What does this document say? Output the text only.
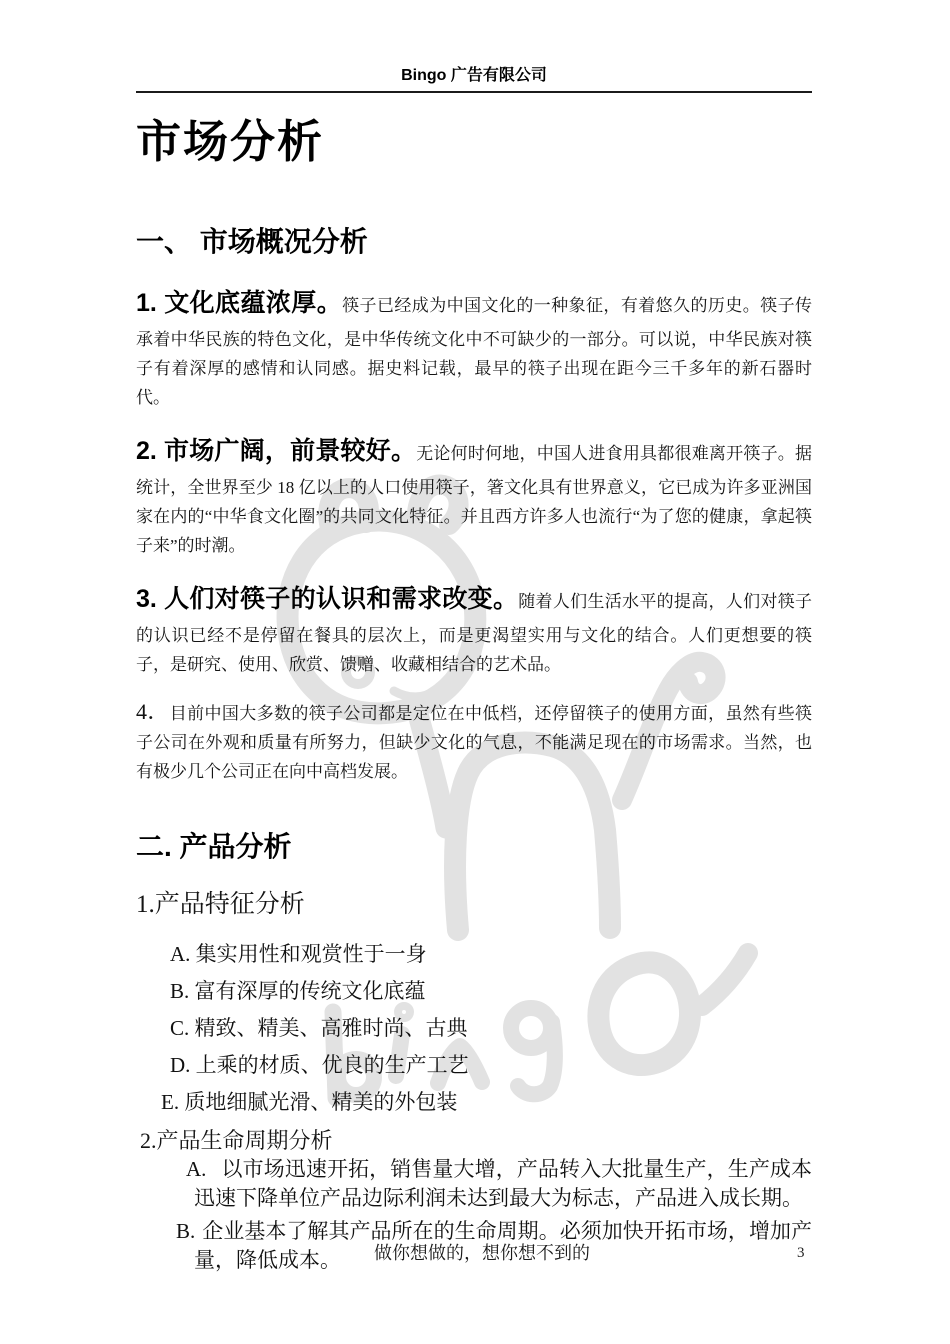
Bingo 广告有限公司
市场分析
一、 市场概况分析

1. 文化底蕴浓厚。筷子已经成为中国文化的一种象征，有着悠久的历史。筷子传承着中华民族的特色文化，是中华传统文化中不可缺少的一部分。可以说，中华民族对筷子有着深厚的感情和认同感。据史料记载，最早的筷子出现在距今三千多年的新石器时代。

2. 市场广阔，前景较好。无论何时何地，中国人进食用具都很难离开筷子。据统计，全世界至少 18 亿以上的人口使用筷子，箸文化具有世界意义，它已成为许多亚洲国家在内的“中华食文化圈”的共同文化特征。并且西方许多人也流行“为了您的健康，拿起筷子来”的时潮。

3. 人们对筷子的认识和需求改变。随着人们生活水平的提高，人们对筷子的认识已经不是停留在餐具的层次上，而是更渴望实用与文化的结合。人们更想要的筷子，是研究、使用、欣赏、馈赠、收藏相结合的艺术品。

4．目前中国大多数的筷子公司都是定位在中低档，还停留筷子的使用方面，虽然有些筷子公司在外观和质量有所努力，但缺少文化的气息，不能满足现在的市场需求。当然，也有极少几个公司正在向中高档发展。

二. 产品分析
1.产品特征分析
A. 集实用性和观赏性于一身
B. 富有深厚的传统文化底蕴
C. 精致、精美、高雅时尚、古典
D. 上乘的材质、优良的生产工艺
E. 质地细腻光滑、精美的外包装
2.产品生命周期分析
A. 以市场迅速开拓，销售量大增，产品转入大批量生产，生产成本迅速下降单位产品边际利润未达到最大为标志，产品进入成长期。
B. 企业基本了解其产品所在的生命周期。必须加快开拓市场，增加产量，降低成本。	做你想做的，想你想不到的	3
